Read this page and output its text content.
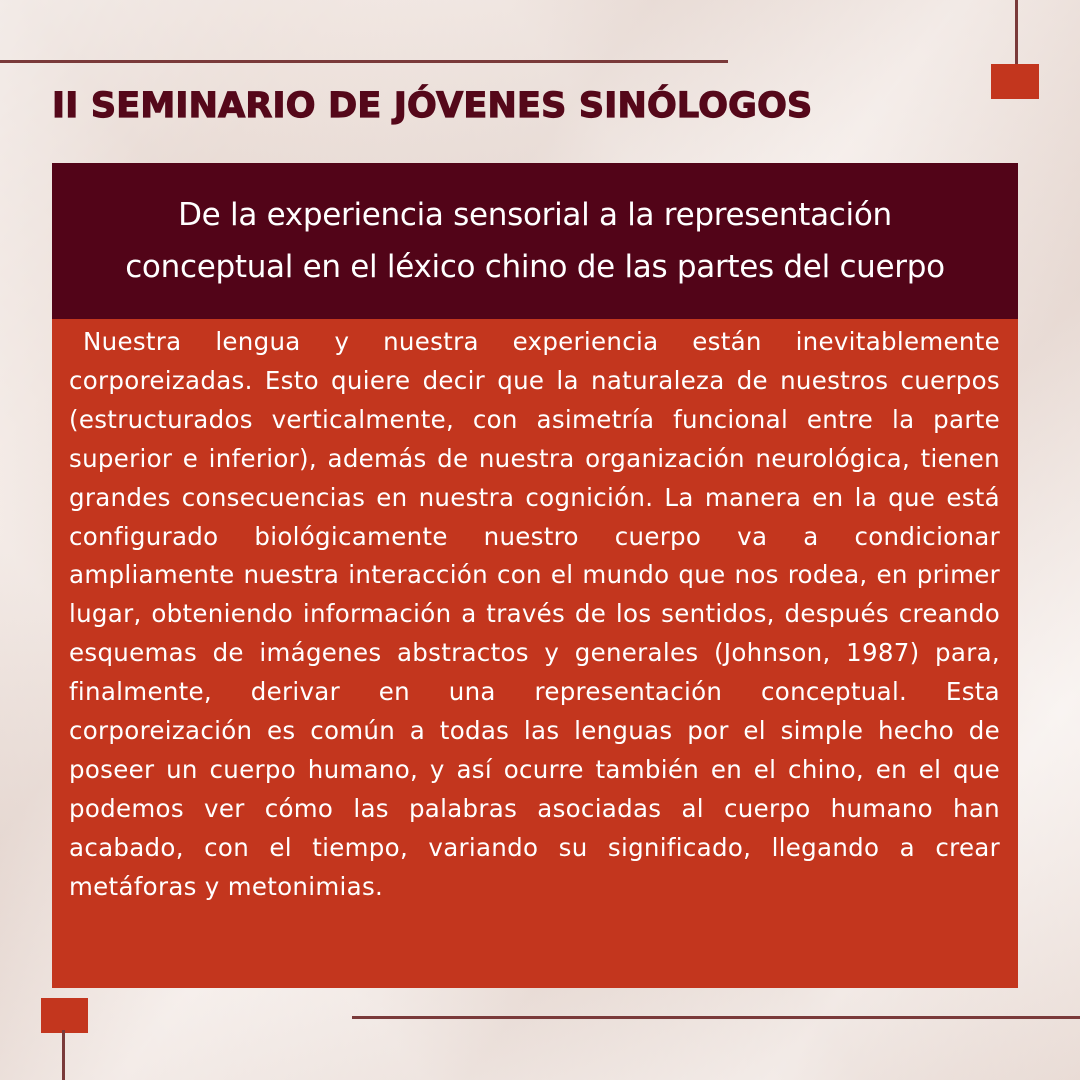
II SEMINARIO DE JÓVENES SINÓLOGOS

De la experiencia sensorial a la representación
conceptual en el léxico chino de las partes del cuerpo

Nuestra lengua y nuestra experiencia están inevitablemente corporeizadas. Esto quiere decir que la naturaleza de nuestros cuerpos (estructurados verticalmente, con asimetría funcional entre la parte superior e inferior), además de nuestra organización neurológica, tienen grandes consecuencias en nuestra cognición. La manera en la que está configurado biológicamente nuestro cuerpo va a condicionar ampliamente nuestra interacción con el mundo que nos rodea, en primer lugar, obteniendo información a través de los sentidos, después creando esquemas de imágenes abstractos y generales (Johnson, 1987) para, finalmente, derivar en una representación conceptual. Esta corporeización es común a todas las lenguas por el simple hecho de poseer un cuerpo humano, y así ocurre también en el chino, en el que podemos ver cómo las palabras asociadas al cuerpo humano han acabado, con el tiempo, variando su significado, llegando a crear metáforas y metonimias.
